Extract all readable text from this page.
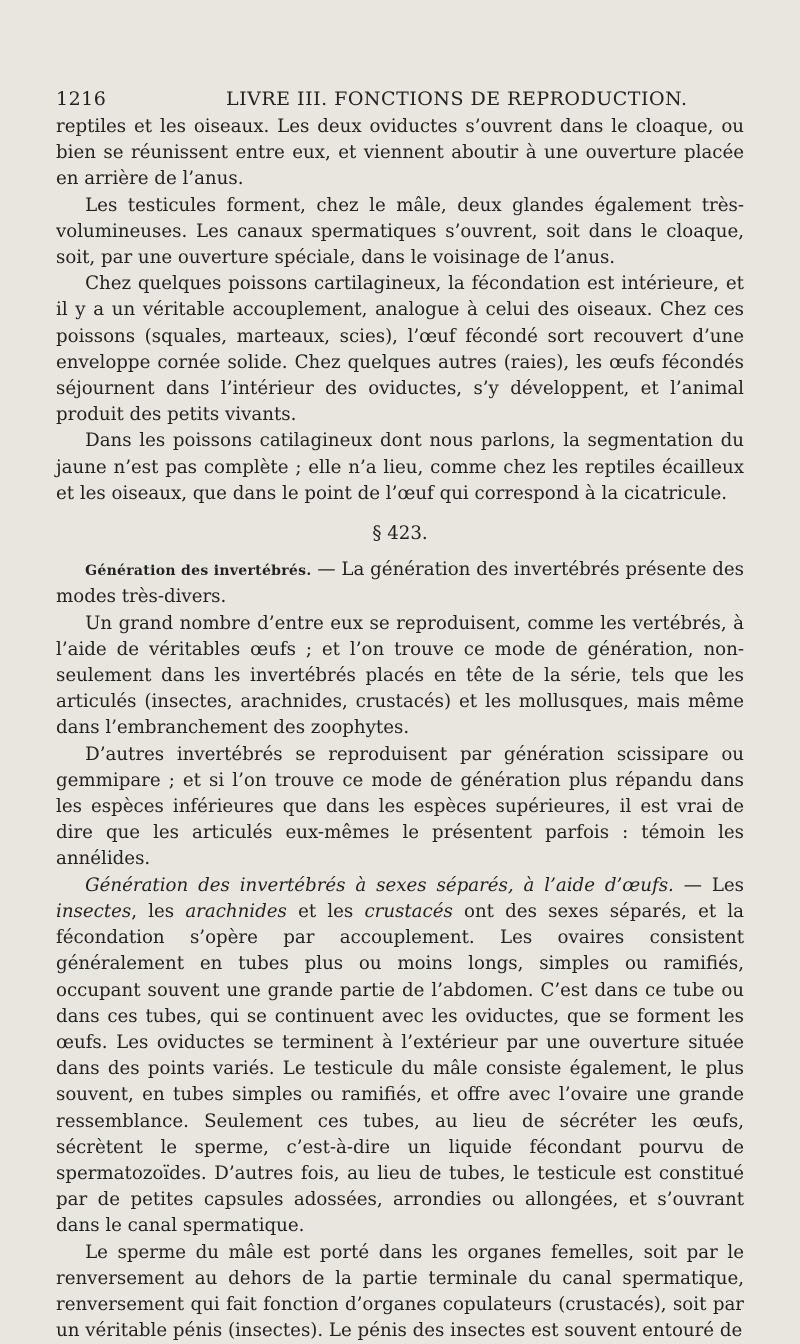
1216	LIVRE III. FONCTIONS DE REPRODUCTION.

reptiles et les oiseaux. Les deux oviductes s’ouvrent dans le cloaque, ou bien se réunissent entre eux, et viennent aboutir à une ouverture placée en arrière de l’anus.

Les testicules forment, chez le mâle, deux glandes également très-volumineuses. Les canaux spermatiques s’ouvrent, soit dans le cloaque, soit, par une ouverture spéciale, dans le voisinage de l’anus.

Chez quelques poissons cartilagineux, la fécondation est intérieure, et il y a un véritable accouplement, analogue à celui des oiseaux. Chez ces poissons (squales, marteaux, scies), l’œuf fécondé sort recouvert d’une enveloppe cornée solide. Chez quelques autres (raies), les œufs fécondés séjournent dans l’intérieur des oviductes, s’y développent, et l’animal produit des petits vivants.

Dans les poissons catilagineux dont nous parlons, la segmentation du jaune n’est pas complète ; elle n’a lieu, comme chez les reptiles écailleux et les oiseaux, que dans le point de l’œuf qui correspond à la cicatricule.

§ 423.

Génération des invertébrés. — La génération des invertébrés présente des modes très-divers.

Un grand nombre d’entre eux se reproduisent, comme les vertébrés, à l’aide de véritables œufs ; et l’on trouve ce mode de génération, non-seulement dans les invertébrés placés en tête de la série, tels que les articulés (insectes, arachnides, crustacés) et les mollusques, mais même dans l’embranchement des zoophytes.

D’autres invertébrés se reproduisent par génération scissipare ou gemmipare ; et si l’on trouve ce mode de génération plus répandu dans les espèces inférieures que dans les espèces supérieures, il est vrai de dire que les articulés eux-mêmes le présentent parfois : témoin les annélides.

Génération des invertébrés à sexes séparés, à l’aide d’œufs. — Les insectes, les arachnides et les crustacés ont des sexes séparés, et la fécondation s’opère par accouplement. Les ovaires consistent généralement en tubes plus ou moins longs, simples ou ramifiés, occupant souvent une grande partie de l’abdomen. C’est dans ce tube ou dans ces tubes, qui se continuent avec les oviductes, que se forment les œufs. Les oviductes se terminent à l’extérieur par une ouverture située dans des points variés. Le testicule du mâle consiste également, le plus souvent, en tubes simples ou ramifiés, et offre avec l’ovaire une grande ressemblance. Seulement ces tubes, au lieu de sécréter les œufs, sécrètent le sperme, c’est-à-dire un liquide fécondant pourvu de spermatozoïdes. D’autres fois, au lieu de tubes, le testicule est constitué par de petites capsules adossées, arrondies ou allongées, et s’ouvrant dans le canal spermatique.

Le sperme du mâle est porté dans les organes femelles, soit par le renversement au dehors de la partie terminale du canal spermatique, renversement qui fait fonction d’organes copulateurs (crustacés), soit par un véritable pénis (insectes). Le pénis des insectes est souvent entouré de
